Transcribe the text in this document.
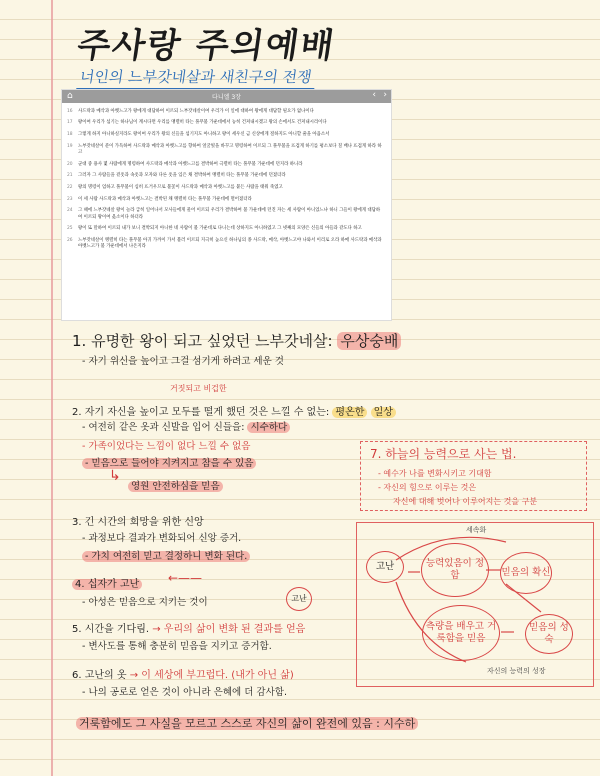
주사랑 주의예배
너인의 느부갓네살과 새친구의 전쟁
⌂	다니엘 3장	‹ ›
16	사드락과 메삭과 아벳느고가 왕에게 대답하여 이르되 느부갓네살이여 우리가 이 일에 대하여 왕에게 대답할 필요가 없나이다
17	왕이여 우리가 섬기는 하나님이 계시다면 우리를 맹렬히 타는 풀무불 가운데에서 능히 건져내시겠고 왕의 손에서도 건져내시리이다
18	그렇게 하지 아니하실지라도 왕이여 우리가 왕의 신들을 섬기지도 아니하고 왕이 세우신 금 신상에게 절하지도 아니할 줄을 아옵소서
19	느부갓네살이 분이 가득하여 사드락과 메삭과 아벳느고를 향하여 얼굴빛을 바꾸고 명령하여 이르되 그 풀무불을 뜨겁게 하기를 평소보다 칠 배나 뜨겁게 하라 하고
20	군대 중 용사 몇 사람에게 명령하여 사드락과 메삭과 아벳느고를 결박하여 극렬히 타는 풀무불 가운데에 던지라 하니라
21	그러자 그 사람들을 겉옷과 속옷과 모자와 다른 옷을 입은 채 결박하여 맹렬히 타는 풀무불 가운데에 던졌더라
22	왕의 명령이 엄하고 풀무불이 심히 뜨거우므로 불꽃이 사드락과 메삭과 아벳느고를 붙든 사람을 태워 죽였고
23	이 세 사람 사드락과 메삭과 아벳느고는 결박된 채 맹렬히 타는 풀무불 가운데에 떨어졌더라
24	그 때에 느부갓네살 왕이 놀라 급히 일어나서 모사들에게 물어 이르되 우리가 결박하여 불 가운데에 던진 자는 세 사람이 아니었느냐 하니 그들이 왕에게 대답하여 이르되 왕이여 옳소이다 하더라
25	왕이 또 말하여 이르되 내가 보니 결박되지 아니한 네 사람이 불 가운데로 다니는데 상하지도 아니하였고 그 넷째의 모양은 신들의 아들과 같도다 하고
26	느부갓네살이 맹렬히 타는 풀무불 아귀 가까이 가서 불러 이르되 지극히 높으신 하나님의 종 사드락, 메삭, 아벳느고야 나와서 이리로 오라 하매 사드락과 메삭과 아벳느고가 불 가운데에서 나온지라
1. 유명한 왕이 되고 싶었던 느부갓네살: 우상숭배
- 자기 위신을 높이고 그걸 섬기게 하려고 세운 것
거짓되고 비겁한
2. 자기 자신을 높이고 모두를 떨게 했던 것은 느낄 수 없는: 평온한 일상
- 여전히 같은 옷과 신발을 입어 신들을: 시수하다
- 가족이었다는 느낌이 없다 느낄 수 없음
- 믿음으로 들어야 지켜지고 참을 수 있음
↳
영원 안전하심을 믿음
3. 긴 시간의 희망을 위한 신앙
- 과정보다 결과가 변화되어 신앙 증거.
- 가치 여전히 믿고 결정하니 변화 된다.
4. 십자가 고난 ←——
- 아성은 믿음으로 지키는 것이	고난
5. 시간을 기다림. → 우리의 삶이 변화 된 결과를 얻음
- 변사도를 통해 충분히 믿음을 지키고 증거함.
6. 고난의 옷 → 이 세상에 부끄럽다. (내가 아닌 삶)
- 나의 공로로 얻은 것이 아니라 은혜에 더 감사함.
거룩함에도 그 사실을 모르고 스스로 자신의 삶이 완전에 있음 : 시수하
7. 하늘의 능력으로 사는 법.
- 예수가 나를 변화시키고 기대함
- 자신의 힘으로 이루는 것은
자신에 대해 벗어나 이루어지는 것을 구분
세속화
고난	능력있음이 정함	믿음의 확신
측량을 배우고 거룩함을 믿음
믿음의 성숙
자신의 능력의 성장
